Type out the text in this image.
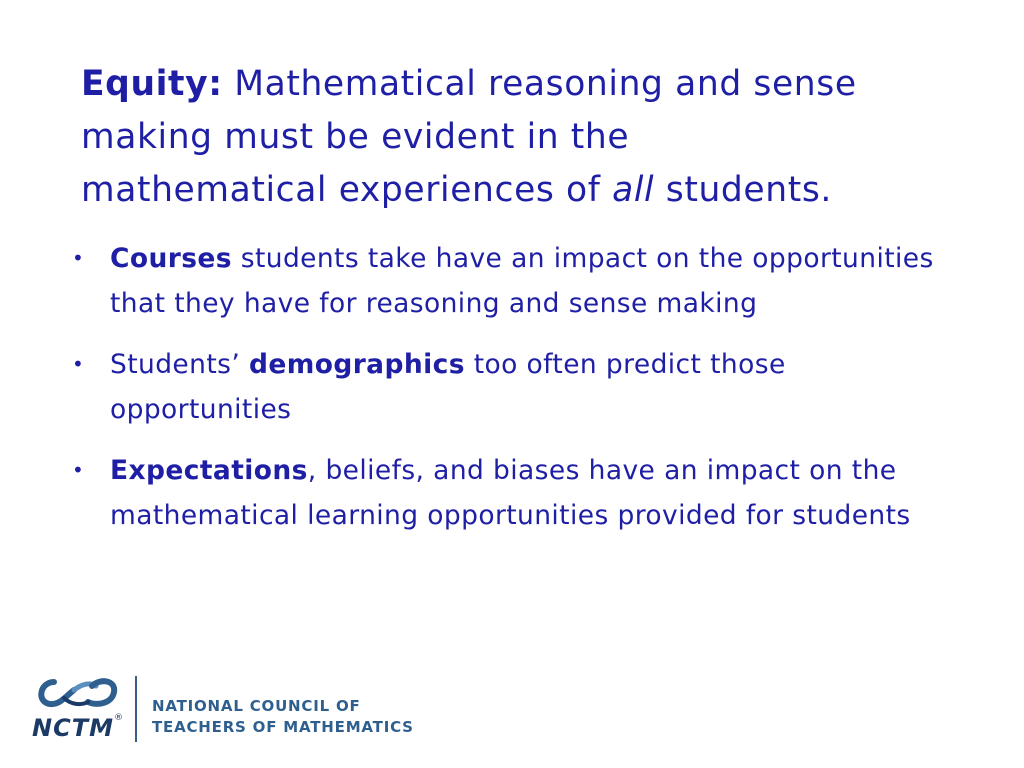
Equity: Mathematical reasoning and sense
making must be evident in the
mathematical experiences of all students.
• Courses students take have an impact on the opportunities that they have for reasoning and sense making
• Students’ demographics too often predict those opportunities
• Expectations, beliefs, and biases have an impact on the mathematical learning opportunities provided for students
NCTM ®
NATIONAL COUNCIL OF
TEACHERS OF MATHEMATICS
